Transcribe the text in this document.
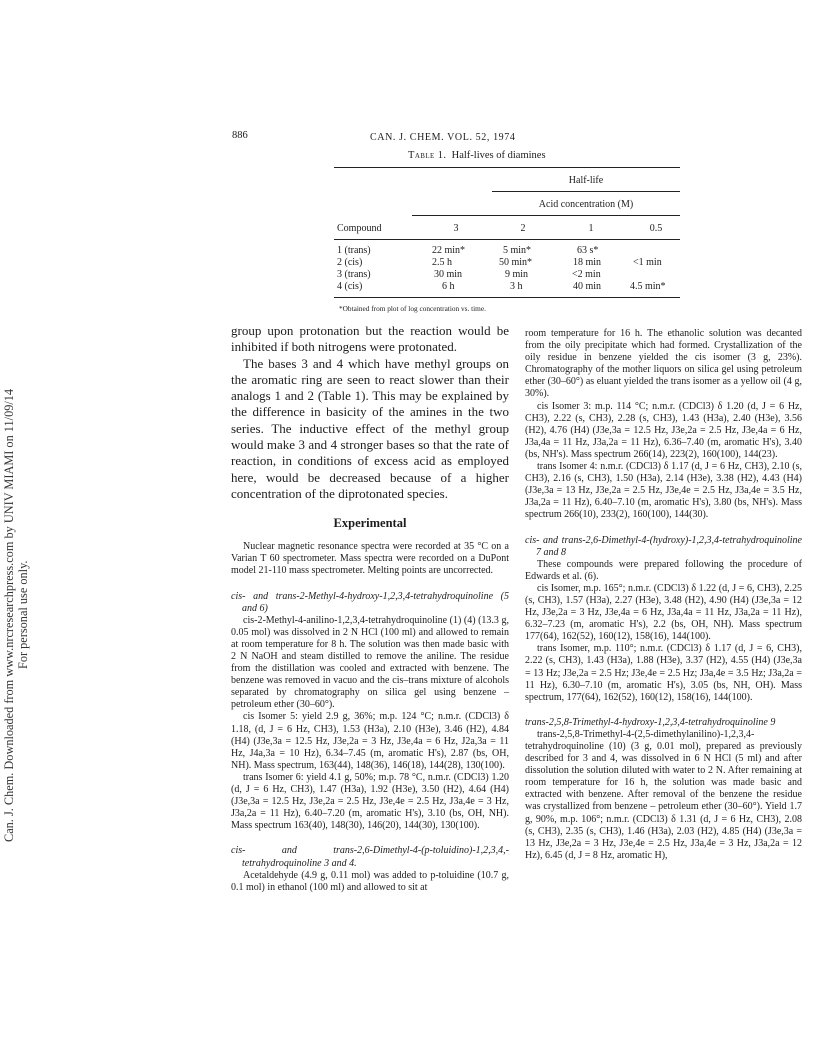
Can. J. Chem. Downloaded from www.nrcresearchpress.com by UNIV MIAMI on 11/09/14 For personal use only.
886	CAN. J. CHEM. VOL. 52, 1974
Table 1. Half-lives of diamines
Half-life
Acid concentration (M)
Compound	3	2	1	0.5
1 (trans)	22 min*	5 min*	63 s*
2 (cis)	2.5 h	50 min*	18 min	<1 min
3 (trans)	30 min	9 min	<2 min
4 (cis)	6 h	3 h	40 min	4.5 min*
*Obtained from plot of log concentration vs. time.

group upon protonation but the reaction would be inhibited if both nitrogens were protonated.

The bases 3 and 4 which have methyl groups on the aromatic ring are seen to react slower than their analogs 1 and 2 (Table 1). This may be explained by the difference in basicity of the amines in the two series. The inductive effect of the methyl group would make 3 and 4 stronger bases so that the rate of reaction, in conditions of excess acid as employed here, would be decreased because of a higher concentration of the diprotonated species.

Experimental

Nuclear magnetic resonance spectra were recorded at 35 °C on a Varian T 60 spectrometer. Mass spectra were recorded on a DuPont model 21-110 mass spectrometer. Melting points are uncorrected.

cis- and trans-2-Methyl-4-hydroxy-1,2,3,4-tetrahydroquinoline (5 and 6)

cis-2-Methyl-4-anilino-1,2,3,4-tetrahydroquinoline (1) (4) (13.3 g, 0.05 mol) was dissolved in 2 N HCl (100 ml) and allowed to remain at room temperature for 8 h. The solution was then made basic with 2 N NaOH and steam distilled to remove the aniline. The residue from the distillation was cooled and extracted with benzene. The benzene was removed in vacuo and the cis–trans mixture of alcohols separated by chromatography on silica gel using benzene – petroleum ether (30–60°).

cis Isomer 5: yield 2.9 g, 36%; m.p. 124 °C; n.m.r. (CDCl3) δ 1.18, (d, J = 6 Hz, CH3), 1.53 (H3a), 2.10 (H3e), 3.46 (H2), 4.84 (H4) (J3e,3a = 12.5 Hz, J3e,2a = 3 Hz, J3e,4a = 6 Hz, J2a,3a = 11 Hz, J4a,3a = 10 Hz), 6.34–7.45 (m, aromatic H's), 2.87 (bs, OH, NH). Mass spectrum, 163(44), 148(36), 146(18), 144(28), 130(100).

trans Isomer 6: yield 4.1 g, 50%; m.p. 78 °C, n.m.r. (CDCl3) 1.20 (d, J = 6 Hz, CH3), 1.47 (H3a), 1.92 (H3e), 3.50 (H2), 4.64 (H4) (J3e,3a = 12.5 Hz, J3e,2a = 2.5 Hz, J3e,4e = 2.5 Hz, J3a,4e = 3 Hz, J3a,2a = 11 Hz), 6.40–7.20 (m, aromatic H's), 3.10 (bs, OH, NH). Mass spectrum 163(40), 148(30), 146(20), 144(30), 130(100).

cis- and trans-2,6-Dimethyl-4-(p-toluidino)-1,2,3,4,-tetrahydroquinoline 3 and 4.

Acetaldehyde (4.9 g, 0.11 mol) was added to p-toluidine (10.7 g, 0.1 mol) in ethanol (100 ml) and allowed to sit at

room temperature for 16 h. The ethanolic solution was decanted from the oily precipitate which had formed. Crystallization of the oily residue in benzene yielded the cis isomer (3 g, 23%). Chromatography of the mother liquors on silica gel using petroleum ether (30–60°) as eluant yielded the trans isomer as a yellow oil (4 g, 30%).

cis Isomer 3: m.p. 114 °C; n.m.r. (CDCl3) δ 1.20 (d, J = 6 Hz, CH3), 2.22 (s, CH3), 2.28 (s, CH3), 1.43 (H3a), 2.40 (H3e), 3.56 (H2), 4.76 (H4) (J3e,3a = 12.5 Hz, J3e,2a = 2.5 Hz, J3e,4a = 6 Hz, J3a,4a = 11 Hz, J3a,2a = 11 Hz), 6.36–7.40 (m, aromatic H's), 3.40 (bs, NH's). Mass spectrum 266(14), 223(2), 160(100), 144(23).

trans Isomer 4: n.m.r. (CDCl3) δ 1.17 (d, J = 6 Hz, CH3), 2.10 (s, CH3), 2.16 (s, CH3), 1.50 (H3a), 2.14 (H3e), 3.38 (H2), 4.43 (H4) (J3e,3a = 13 Hz, J3e,2a = 2.5 Hz, J3e,4e = 2.5 Hz, J3a,4e = 3.5 Hz, J3a,2a = 11 Hz), 6.40–7.10 (m, aromatic H's), 3.80 (bs, NH's). Mass spectrum 266(10), 233(2), 160(100), 144(30).

cis- and trans-2,6-Dimethyl-4-(hydroxy)-1,2,3,4-tetrahydroquinoline 7 and 8

These compounds were prepared following the procedure of Edwards et al. (6).

cis Isomer, m.p. 165°; n.m.r. (CDCl3) δ 1.22 (d, J = 6, CH3), 2.25 (s, CH3), 1.57 (H3a), 2.27 (H3e), 3.48 (H2), 4.90 (H4) (J3e,3a = 12 Hz, J3e,2a = 3 Hz, J3e,4a = 6 Hz, J3a,4a = 11 Hz, J3a,2a = 11 Hz), 6.32–7.23 (m, aromatic H's), 2.2 (bs, OH, NH). Mass spectrum 177(64), 162(52), 160(12), 158(16), 144(100).

trans Isomer, m.p. 110°; n.m.r. (CDCl3) δ 1.17 (d, J = 6, CH3), 2.22 (s, CH3), 1.43 (H3a), 1.88 (H3e), 3.37 (H2), 4.55 (H4) (J3e,3a = 13 Hz; J3e,2a = 2.5 Hz; J3e,4e = 2.5 Hz; J3a,4e = 3.5 Hz; J3a,2a = 11 Hz), 6.30–7.10 (m, aromatic H's), 3.05 (bs, NH, OH). Mass spectrum, 177(64), 162(52), 160(12), 158(16), 144(100).

trans-2,5,8-Trimethyl-4-hydroxy-1,2,3,4-tetrahydroquinoline 9

trans-2,5,8-Trimethyl-4-(2,5-dimethylanilino)-1,2,3,4-tetrahydroquinoline (10) (3 g, 0.01 mol), prepared as previously described for 3 and 4, was dissolved in 6 N HCl (5 ml) and after dissolution the solution diluted with water to 2 N. After remaining at room temperature for 16 h, the solution was made basic and extracted with benzene. After removal of the benzene the residue was crystallized from benzene – petroleum ether (30–60°). Yield 1.7 g, 90%, m.p. 106°; n.m.r. (CDCl3) δ 1.31 (d, J = 6 Hz, CH3), 2.08 (s, CH3), 2.35 (s, CH3), 1.46 (H3a), 2.03 (H2), 4.85 (H4) (J3e,3a = 13 Hz, J3e,2a = 3 Hz, J3e,4e = 2.5 Hz, J3a,4e = 3 Hz, J3a,2a = 12 Hz), 6.45 (d, J = 8 Hz, aromatic H),
